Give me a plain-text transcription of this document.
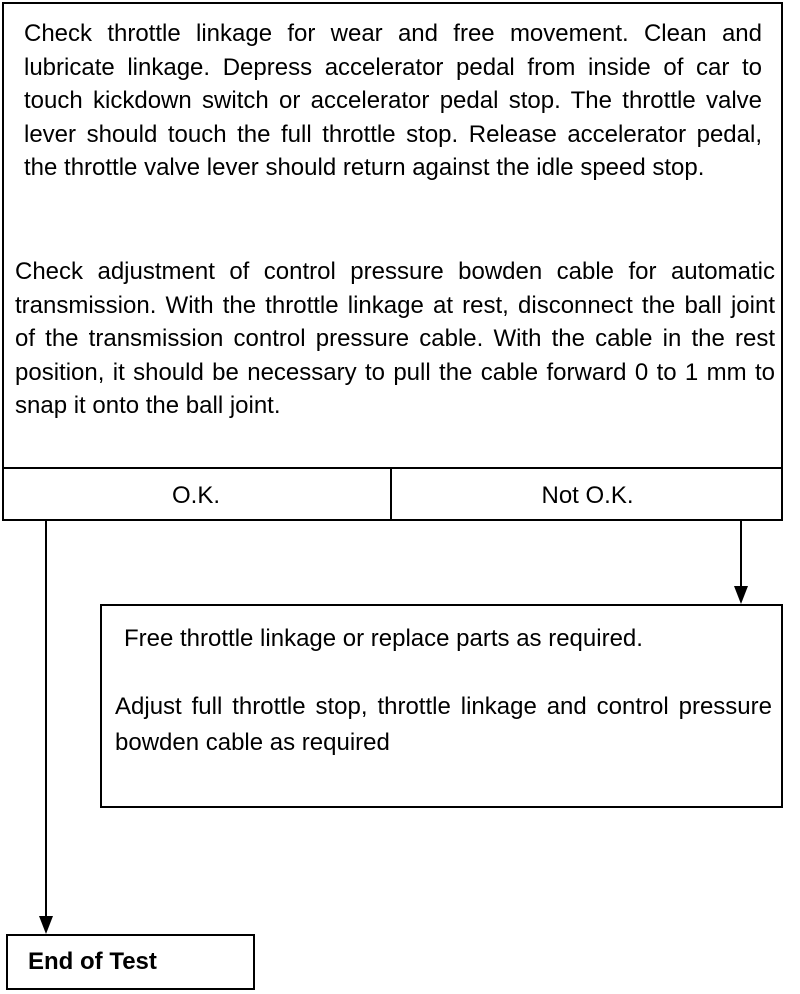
Check throttle linkage for wear and free movement. Clean and lubricate linkage. Depress accelerator pedal from inside of car to touch kickdown switch or accelerator pedal stop. The throttle valve lever should touch the full throttle stop. Release accelerator pedal, the throttle valve lever should return against the idle speed stop.
Check adjustment of control pressure bowden cable for automatic transmission. With the throttle linkage at rest, disconnect the ball joint of the transmission control pressure cable. With the cable in the rest position, it should be necessary to pull the cable forward 0 to 1 mm to snap it onto the ball joint.
O.K.	Not O.K.
Free throttle linkage or replace parts as required.
Adjust full throttle stop, throttle linkage and control pressure bowden cable as required
End of Test
